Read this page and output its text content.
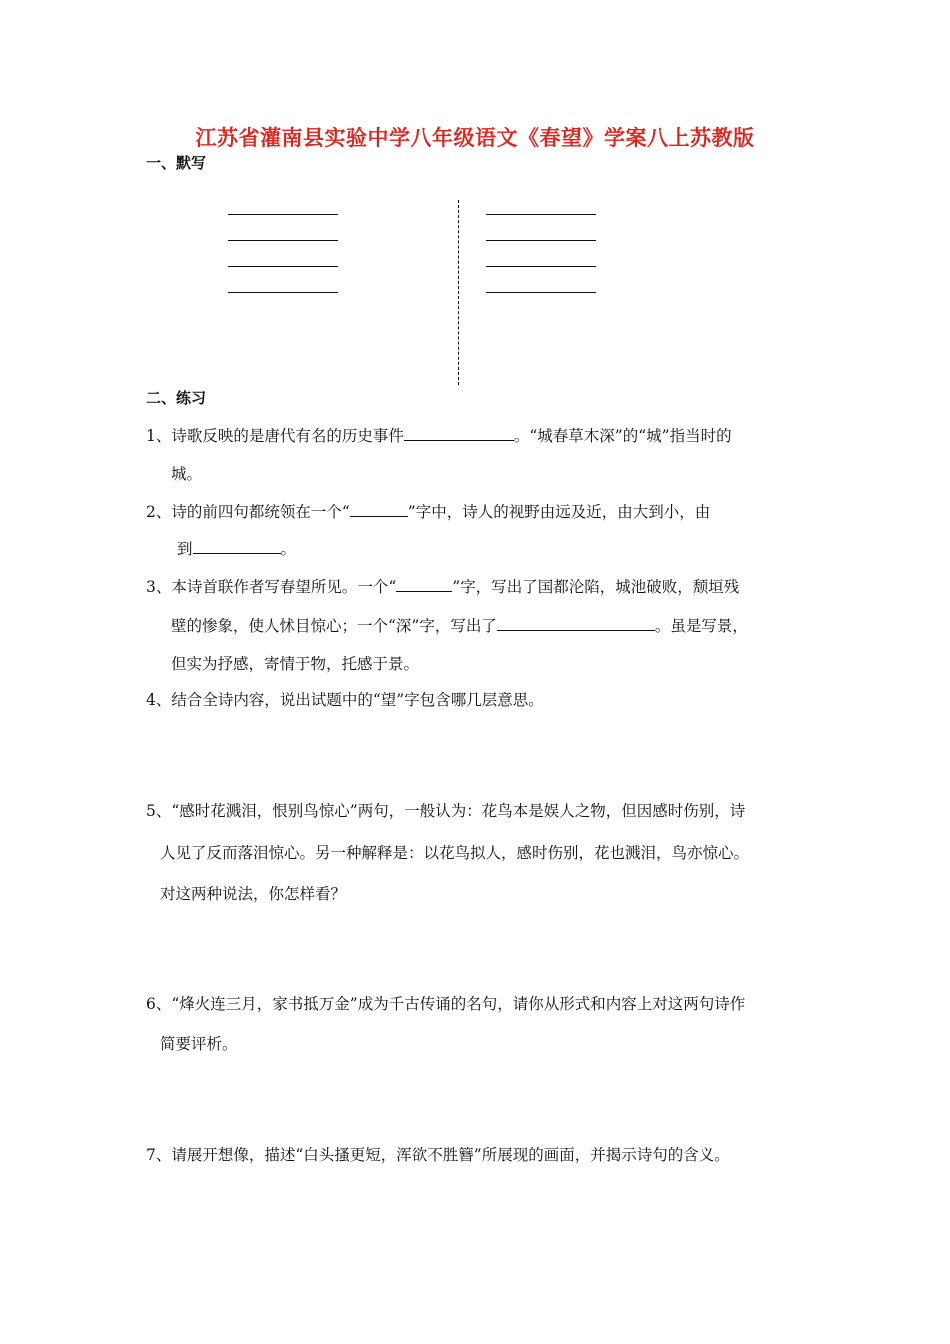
江苏省灌南县实验中学八年级语文《春望》学案八上苏教版
一、默写
二、练习
1、诗歌反映的是唐代有名的历史事件	。“城春草木深”的“城”指当时的
城。
2、诗的前四句都统领在一个“	”字中，诗人的视野由远及近，由大到小，由
到	。
3、本诗首联作者写春望所见。一个“	”字，写出了国都沦陷，城池破败，颓垣残
壁的惨象，使人怵目惊心；一个“深”字，写出了	。虽是写景，
但实为抒感，寄情于物，托感于景。
4、结合全诗内容，说出试题中的“望”字包含哪几层意思。
5、“感时花溅泪，恨别鸟惊心”两句，一般认为：花鸟本是娱人之物，但因感时伤别，诗
人见了反而落泪惊心。另一种解释是：以花鸟拟人，感时伤别，花也溅泪，鸟亦惊心。
对这两种说法，你怎样看？
6、“烽火连三月，家书抵万金”成为千古传诵的名句，请你从形式和内容上对这两句诗作
简要评析。
7、请展开想像，描述“白头搔更短，浑欲不胜簪”所展现的画面，并揭示诗句的含义。
